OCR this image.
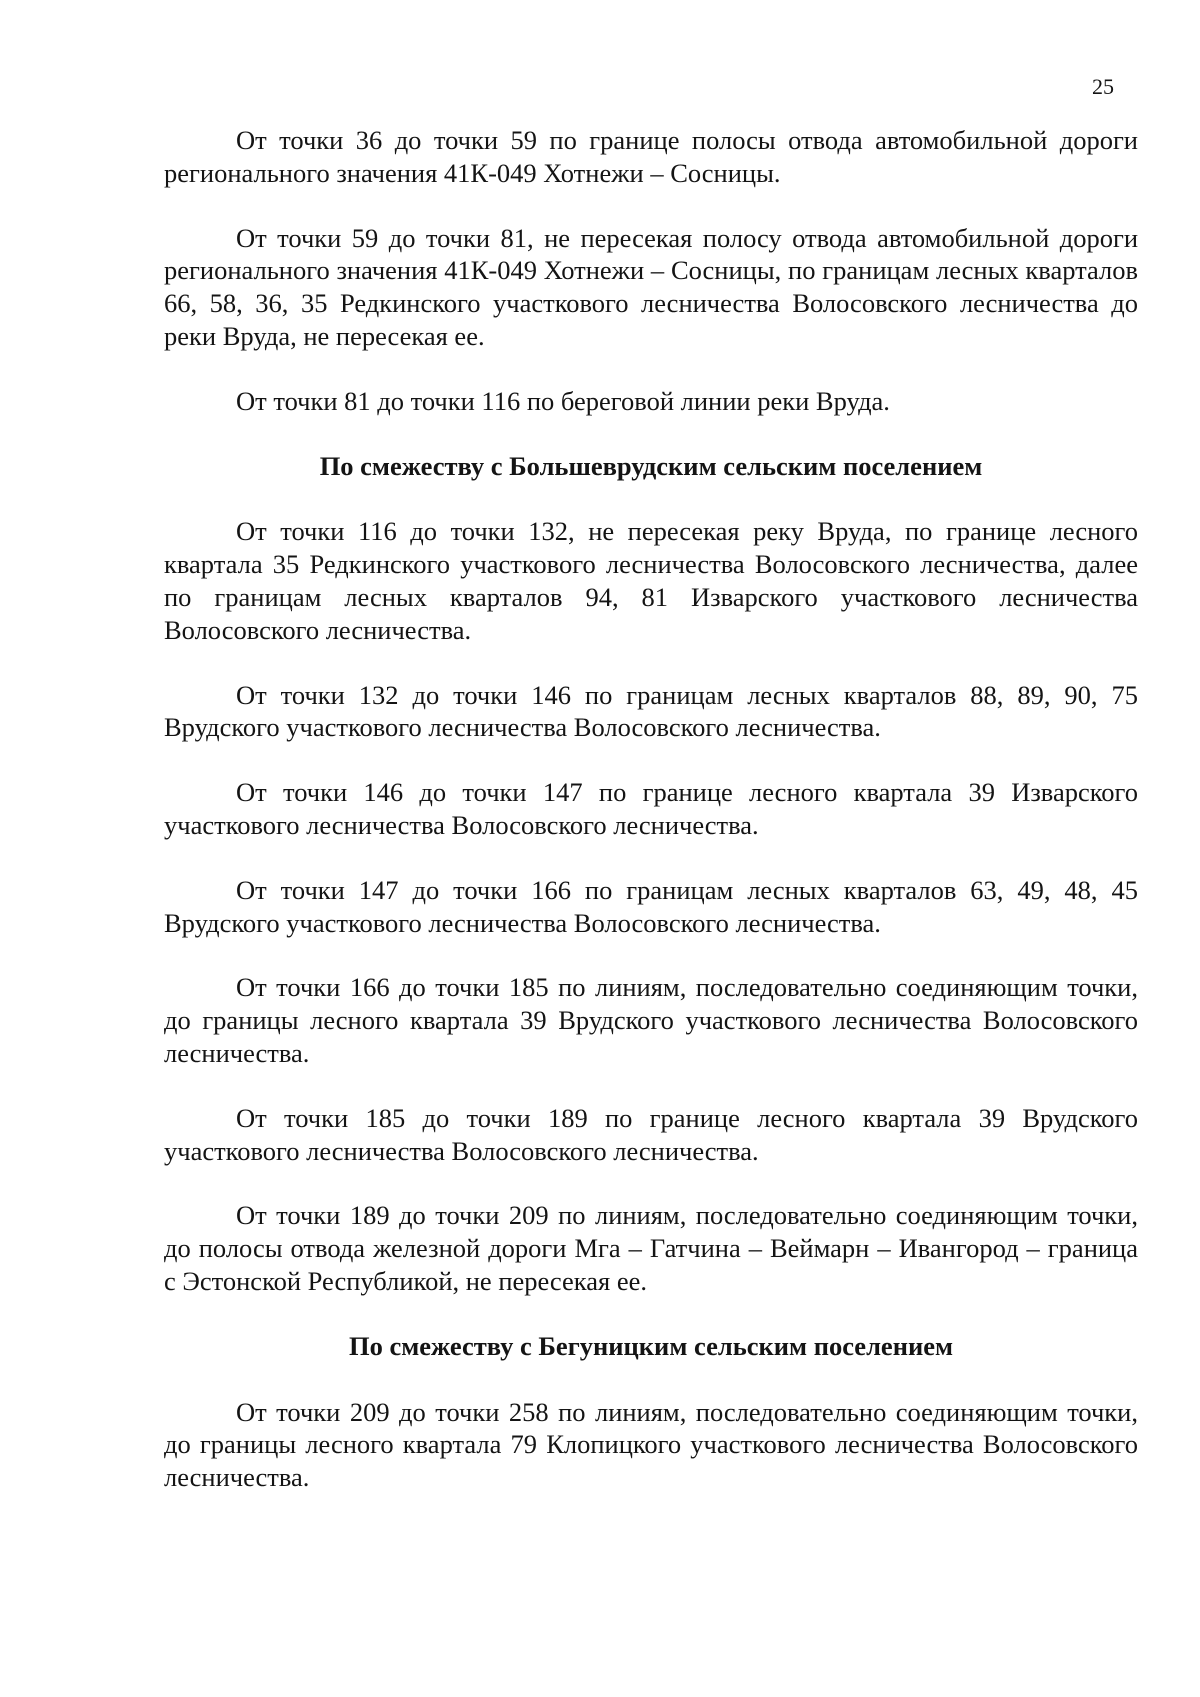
25

От точки 36 до точки 59 по границе полосы отвода автомобильной дороги регионального значения 41К-049 Хотнежи – Сосницы.

От точки 59 до точки 81, не пересекая полосу отвода автомобильной дороги регионального значения 41К-049 Хотнежи – Сосницы, по границам лесных кварталов 66, 58, 36, 35 Редкинского участкового лесничества Волосовского лесничества до реки Вруда, не пересекая ее.

От точки 81 до точки 116 по береговой линии реки Вруда.

По смежеству с Большеврудским сельским поселением

От точки 116 до точки 132, не пересекая реку Вруда, по границе лесного квартала 35 Редкинского участкового лесничества Волосовского лесничества, далее по границам лесных кварталов 94, 81 Изварского участкового лесничества Волосовского лесничества.

От точки 132 до точки 146 по границам лесных кварталов 88, 89, 90, 75 Врудского участкового лесничества Волосовского лесничества.

От точки 146 до точки 147 по границе лесного квартала 39 Изварского участкового лесничества Волосовского лесничества.

От точки 147 до точки 166 по границам лесных кварталов 63, 49, 48, 45 Врудского участкового лесничества Волосовского лесничества.

От точки 166 до точки 185 по линиям, последовательно соединяющим точки, до границы лесного квартала 39 Врудского участкового лесничества Волосовского лесничества.

От точки 185 до точки 189 по границе лесного квартала 39 Врудского участкового лесничества Волосовского лесничества.

От точки 189 до точки 209 по линиям, последовательно соединяющим точки, до полосы отвода железной дороги Мга – Гатчина – Веймарн – Ивангород – граница с Эстонской Республикой, не пересекая ее.

По смежеству с Бегуницким сельским поселением

От точки 209 до точки 258 по линиям, последовательно соединяющим точки, до границы лесного квартала 79 Клопицкого участкового лесничества Волосовского лесничества.
